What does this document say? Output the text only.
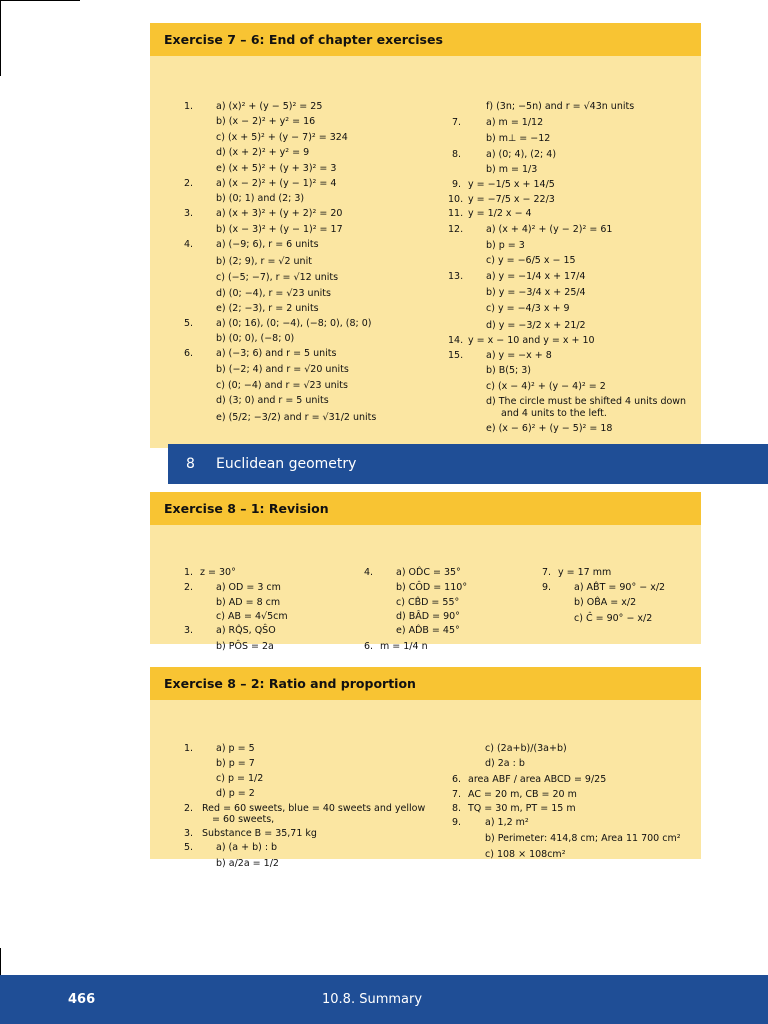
Exercise 7 – 6: End of chapter exercises
1. a) (x)² + (y − 5)² = 25
b) (x − 2)² + y² = 16
c) (x + 5)² + (y − 7)² = 324
d) (x + 2)² + y² = 9
e) (x + 5)² + (y + 3)² = 3
2. a) (x − 2)² + (y − 1)² = 4
b) (0; 1) and (2; 3)
3. a) (x + 3)² + (y + 2)² = 20
b) (x − 3)² + (y − 1)² = 17
4. a) (−9; 6), r = 6 units
b) (2; 9), r = √2 unit
c) (−5; −7), r = √12 units
d) (0; −4), r = √23 units
e) (2; −3), r = 2 units
5. a) (0; 16), (0; −4), (−8; 0), (8; 0)
b) (0; 0), (−8; 0)
6. a) (−3; 6) and r = 5 units
b) (−2; 4) and r = √20 units
c) (0; −4) and r = √23 units
d) (3; 0) and r = 5 units
e) (5/2; −3/2) and r = √31/2 units
f) (3n; −5n) and r = √43n units
7.	a) m = 1/12
b) m⊥ = −12
8.	a) (0; 4), (2; 4)
b) m = 1/3
9. y = −1/5 x + 14/5
10. y = −7/5 x − 22/3
11. y = 1/2 x − 4
12. a) (x + 4)² + (y − 2)² = 61
b) p = 3
c) y = −6/5 x − 15
13. a) y = −1/4 x + 17/4
b) y = −3/4 x + 25/4
c) y = −4/3 x + 9
d) y = −3/2 x + 21/2
14. y = x − 10 and y = x + 10
15. a) y = −x + 8
b) B(5; 3)
c) (x − 4)² + (y − 4)² = 2
d) The circle must be shifted 4 units down
and 4 units to the left.
e) (x − 6)² + (y − 5)² = 18
8	Euclidean geometry
Exercise 8 – 1: Revision
1. z = 30°
2. a) OD = 3 cm
b) AD = 8 cm
c) AB = 4√5cm
3. a) RQ̂S, QŜO
b) PÔS = 2a
4. a) OD̂C = 35°
b) CÔD = 110°
c) CB̂D = 55°
d) BÂD = 90°
e) AD̂B = 45°
6. m = 1/4 n
7. y = 17 mm
9. a) AB̂T = 90° − x/2
b) OB̂A = x/2
c) Ĉ = 90° − x/2
Exercise 8 – 2: Ratio and proportion
1. a) p = 5
b) p = 7
c) p = 1/2
d) p = 2
2. Red = 60 sweets, blue = 40 sweets and yellow
= 60 sweets,
3. Substance B = 35,71 kg
5. a) (a + b) : b
b) a/2a = 1/2
c) (2a+b)/(3a+b)
d) 2a : b
6. area ABF / area ABCD = 9/25
7. AC = 20 m, CB = 20 m
8. TQ = 30 m, PT = 15 m
9.	a) 1,2 m²
b) Perimeter: 414,8 cm; Area 11 700 cm²
c) 108 × 108cm²
466	10.8. Summary
